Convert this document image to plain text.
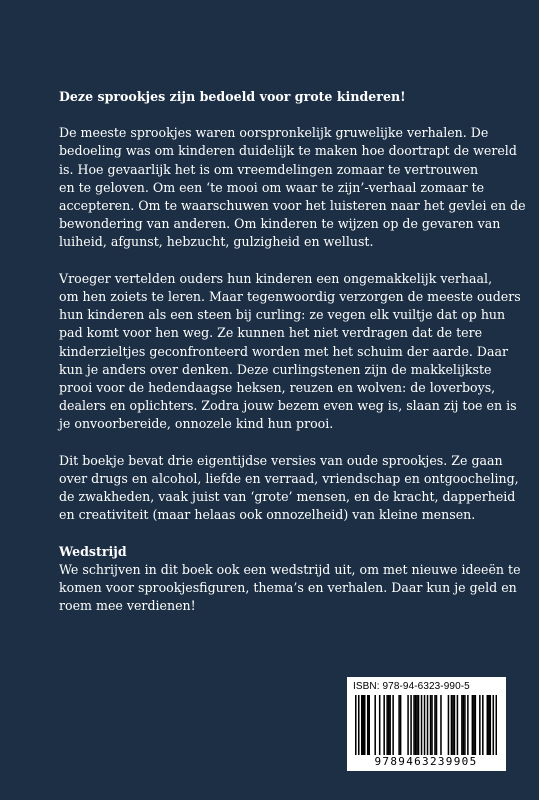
Deze sprookjes zijn bedoeld voor grote kinderen!
De meeste sprookjes waren oorspronkelijk gruwelijke verhalen. De
bedoeling was om kinderen duidelijk te maken hoe doortrapt de wereld
is. Hoe gevaarlijk het is om vreemdelingen zomaar te vertrouwen
en te geloven. Om een ‘te mooi om waar te zijn’-verhaal zomaar te
accepteren. Om te waarschuwen voor het luisteren naar het gevlei en de
bewondering van anderen. Om kinderen te wijzen op de gevaren van
luiheid, afgunst, hebzucht, gulzigheid en wellust.
Vroeger vertelden ouders hun kinderen een ongemakkelijk verhaal,
om hen zoiets te leren. Maar tegenwoordig verzorgen de meeste ouders
hun kinderen als een steen bij curling: ze vegen elk vuiltje dat op hun
pad komt voor hen weg. Ze kunnen het niet verdragen dat de tere
kinderzieltjes geconfronteerd worden met het schuim der aarde. Daar
kun je anders over denken. Deze curlingstenen zijn de makkelijkste
prooi voor de hedendaagse heksen, reuzen en wolven: de loverboys,
dealers en oplichters. Zodra jouw bezem even weg is, slaan zij toe en is
je onvoorbereide, onnozele kind hun prooi.
Dit boekje bevat drie eigentijdse versies van oude sprookjes. Ze gaan
over drugs en alcohol, liefde en verraad, vriendschap en ontgoocheling,
de zwakheden, vaak juist van ‘grote’ mensen, en de kracht, dapperheid
en creativiteit (maar helaas ook onnozelheid) van kleine mensen.
Wedstrijd
We schrijven in dit boek ook een wedstrijd uit, om met nieuwe ideeën te
komen voor sprookjesfiguren, thema’s en verhalen. Daar kun je geld en
roem mee verdienen!
ISBN: 978-94-6323-990-5
9789463239905
